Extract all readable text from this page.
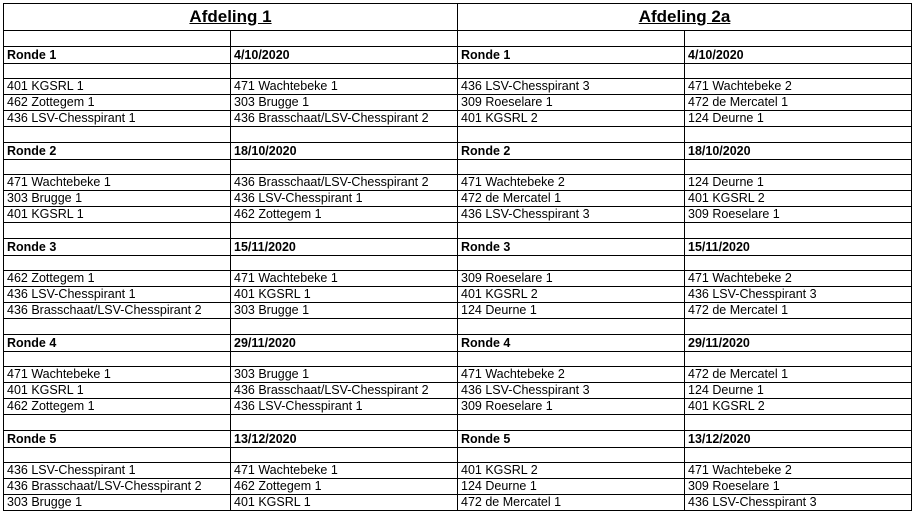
Afdeling 1		Afdeling 2a	

Ronde 1	4/10/2020	Ronde 1	4/10/2020

401 KGSRL 1	471 Wachtebeke 1	436 LSV-Chesspirant 3	471 Wachtebeke 2
462 Zottegem 1	303 Brugge 1	309 Roeselare 1	472 de Mercatel 1
436 LSV-Chesspirant 1	436 Brasschaat/LSV-Chesspirant 2	401 KGSRL 2	124 Deurne 1

Ronde 2	18/10/2020	Ronde 2	18/10/2020

471 Wachtebeke 1	436 Brasschaat/LSV-Chesspirant 2	471 Wachtebeke 2	124 Deurne 1
303 Brugge 1	436 LSV-Chesspirant 1	472 de Mercatel 1	401 KGSRL 2
401 KGSRL 1	462 Zottegem 1	436 LSV-Chesspirant 3	309 Roeselare 1

Ronde 3	15/11/2020	Ronde 3	15/11/2020

462 Zottegem 1	471 Wachtebeke 1	309 Roeselare 1	471 Wachtebeke 2
436 LSV-Chesspirant 1	401 KGSRL 1	401 KGSRL 2	436 LSV-Chesspirant 3
436 Brasschaat/LSV-Chesspirant 2	303 Brugge 1	124 Deurne 1	472 de Mercatel 1

Ronde 4	29/11/2020	Ronde 4	29/11/2020

471 Wachtebeke 1	303 Brugge 1	471 Wachtebeke 2	472 de Mercatel 1
401 KGSRL 1	436 Brasschaat/LSV-Chesspirant 2	436 LSV-Chesspirant 3	124 Deurne 1
462 Zottegem 1	436 LSV-Chesspirant 1	309 Roeselare 1	401 KGSRL 2

Ronde 5	13/12/2020	Ronde 5	13/12/2020

436 LSV-Chesspirant 1	471 Wachtebeke 1	401 KGSRL 2	471 Wachtebeke 2
436 Brasschaat/LSV-Chesspirant 2	462 Zottegem 1	124 Deurne 1	309 Roeselare 1
303 Brugge 1	401 KGSRL 1	472 de Mercatel 1	436 LSV-Chesspirant 3
